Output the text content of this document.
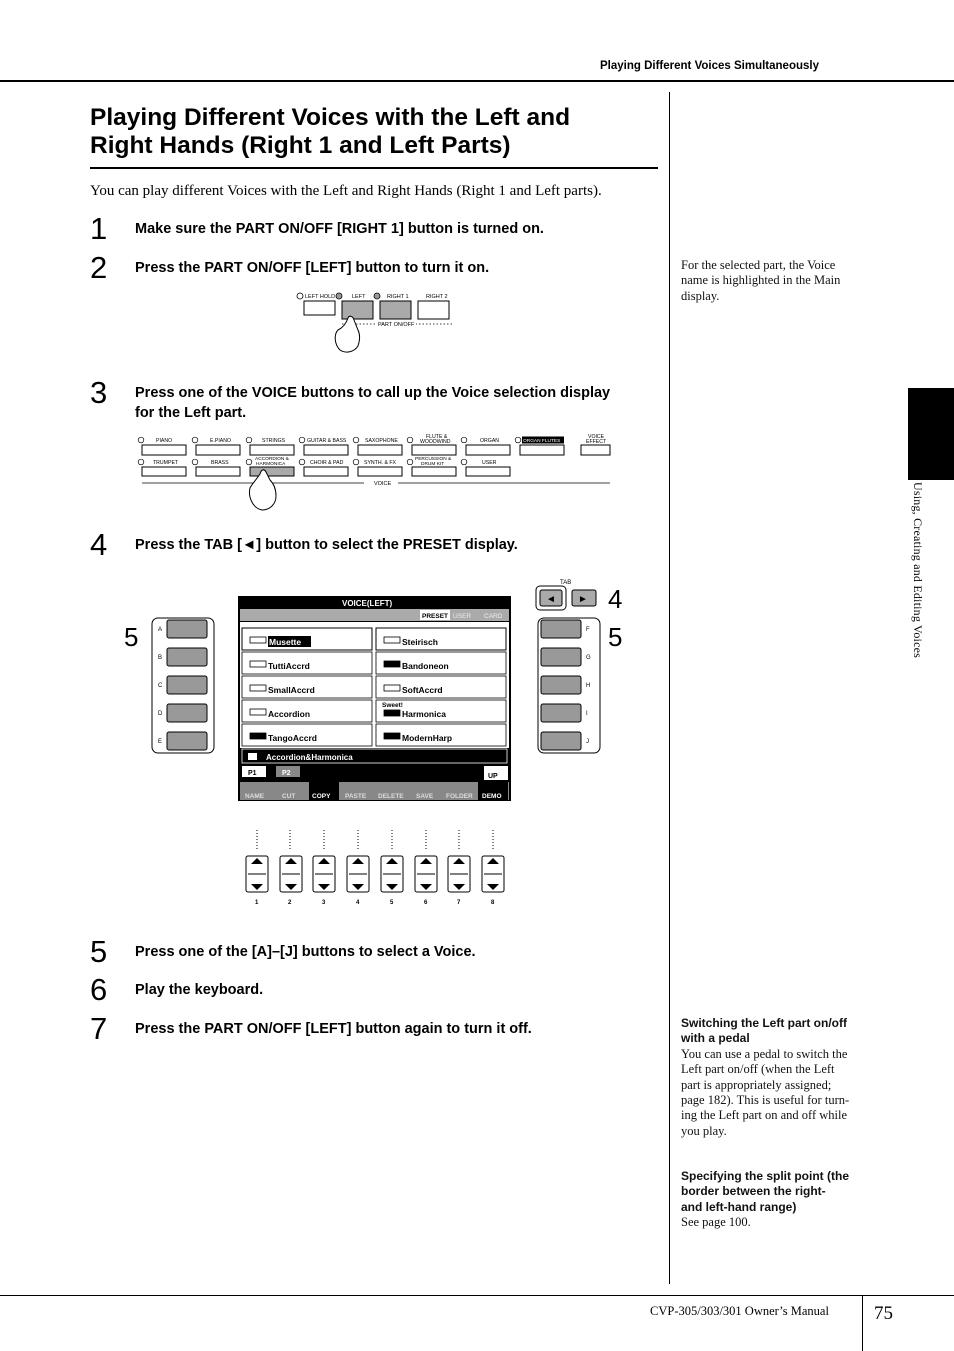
Playing Different Voices Simultaneously
Playing Different Voices with the Left and
Right Hands (Right 1 and Left Parts)
You can play different Voices with the Left and Right Hands (Right 1 and Left parts).
1 Make sure the PART ON/OFF [RIGHT 1] button is turned on.
2 Press the PART ON/OFF [LEFT] button to turn it on.
3 Press one of the VOICE buttons to call up the Voice selection display
for the Left part.
4 Press the TAB [◄] button to select the PRESET display.
5 Press one of the [A]–[J] buttons to select a Voice.
6 Play the keyboard.
7 Press the PART ON/OFF [LEFT] button again to turn it off.
LEFT HOLD	LEFT	RIGHT 1	RIGHT 2
PART ON/OFF
PIANO	E.PIANO	STRINGS	GUITAR & BASS	SAXOPHONE
FLUTE &
WOODWIND	ORGAN	ORGAN FLUTES
VOICE
EFFECT
TRUMPET	BRASS
ACCORDION &
HARMONICA	CHOIR & PAD	SYNTH. & FX
PERCUSSION &
DRUM KIT	USER
VOICE
5
4
5
A
B
C
D
E
F
G
H
I
J
TAB
◄ ►
VOICE(LEFT)
PRESET USER CARD
Musette	Steirisch
TuttiAccrd	Bandoneon
SmallAccrd	SoftAccrd
Accordion
Sweet!
Harmonica
TangoAccrd	ModernHarp
Accordion&Harmonica
P1	P2	UP
NAME	CUT	COPY PASTE DELETE SAVE FOLDER DEMO
1	2	3	4	5	6	7	8
For the selected part, the Voice
name is highlighted in the Main
display.
Switching the Left part on/off
with a pedal
You can use a pedal to switch the
Left part on/off (when the Left
part is appropriately assigned;
page 182). This is useful for turn-
ing the Left part on and off while
you play.
Specifying the split point (the
border between the right-
and left-hand range)
See page 100.
Using, Creating and Editing Voices
CVP-305/303/301 Owner’s Manual 75
